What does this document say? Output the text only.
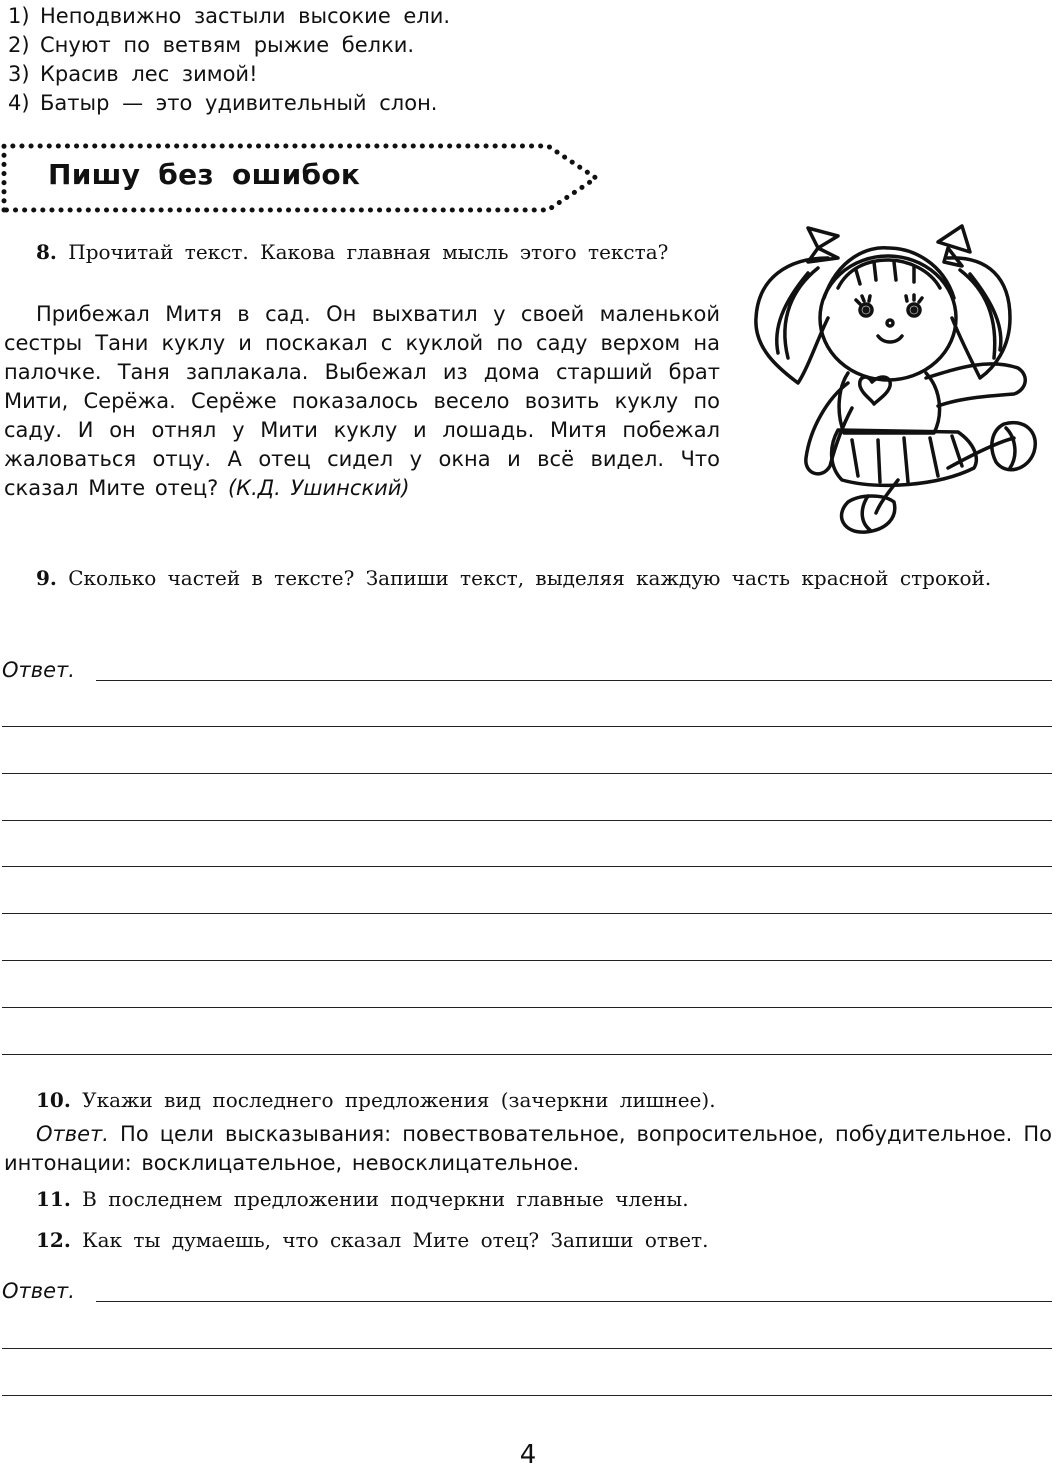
1) Неподвижно застыли высокие ели.
2) Снуют по ветвям рыжие белки.
3) Красив лес зимой!
4) Батыр — это удивительный слон.
Пишу без ошибок
8. Прочитай текст. Какова главная мысль этого текста?
Прибежал Митя в сад. Он выхватил у своей маленькой сестры Тани куклу и поскакал с куклой по саду верхом на палочке. Таня заплакала. Выбежал из дома старший брат Мити, Серёжа. Серёже показалось весело возить куклу по саду. И он отнял у Мити куклу и лошадь. Митя побежал жаловаться отцу. А отец сидел у окна и всё видел. Что сказал Мите отец? (К.Д. Ушинский)
9. Сколько частей в тексте? Запиши текст, выделяя каждую часть красной строкой.
Ответ.
10. Укажи вид последнего предложения (зачеркни лишнее).
Ответ. По цели высказывания: повествовательное, вопросительное, побудительное. По интонации: восклицательное, невосклицательное.
11. В последнем предложении подчеркни главные члены.
12. Как ты думаешь, что сказал Мите отец? Запиши ответ.
Ответ.
4
